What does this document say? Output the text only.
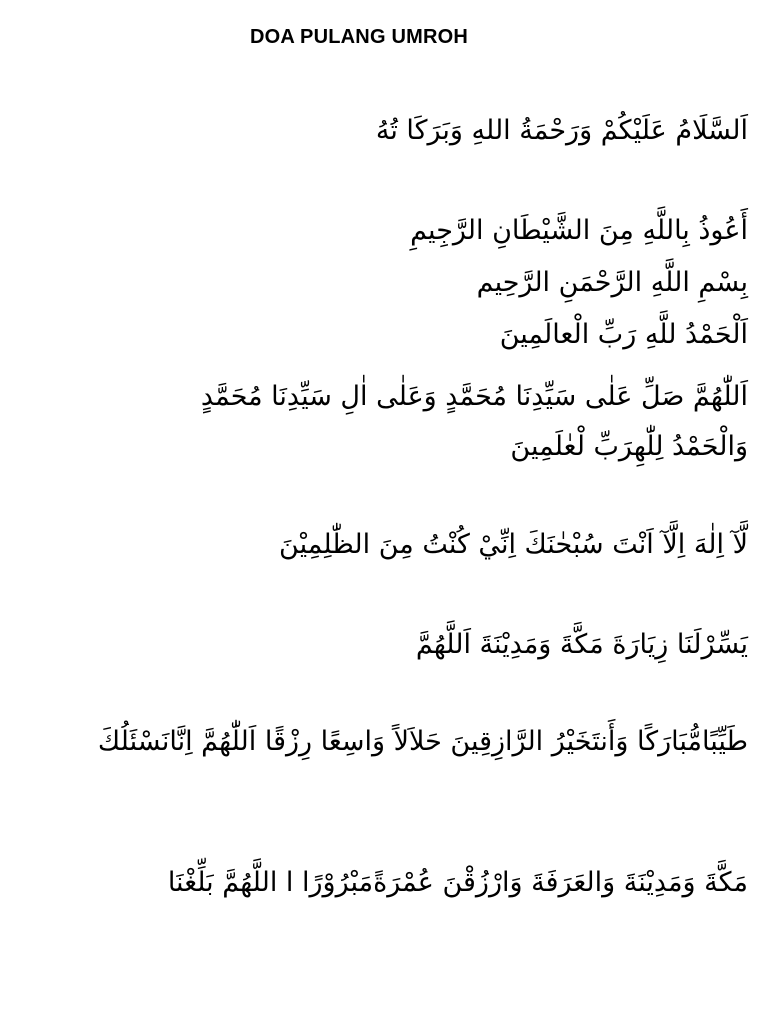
DOA PULANG UMROH
اَلسَّلَامُ عَلَيْكُمْ وَرَحْمَةُ اللهِ وَبَرَكَا تُهُ
أَعُوذُ بِاللَّهِ مِنَ الشَّيْطَانِ الرَّجِيمِ
بِسْمِ اللَّهِ الرَّحْمَنِ الرَّحِيم
اَلْحَمْدُ للَّهِ رَبِّ الْعالَمِينَ
اَللّٰهُمَّ صَلِّ عَلٰى سَيِّدِنَا مُحَمَّدٍ وَعَلٰى اٰلِ سَيِّدِنَا مُحَمَّدٍ
وَالْحَمْدُ لِلّٰهِرَبِّ لْعٰلَمِينَ
لَّآ اِلٰهَ اِلَّآ اَنْتَ سُبْحٰنَكَ اِنِّيْ كُنْتُ مِنَ الظّٰلِمِيْنَ
يَسِّرْلَنَا زِيَارَةَ مَكَّةَ وَمَدِيْنَةَ اَللَّهُمَّ
طَيِّبًامُّبَارَكًا وَأَنتَخَيْرُ الرَّازِقِينَ حَلاَلاً وَاسِعًا رِزْقًا اَللّٰهُمَّ اِنَّانَسْئَلُكَ
مَكَّةَ وَمَدِيْنَةَ وَالعَرَفَةَ وَارْزُقْنَ عُمْرَةًمَبْرُوْرًا ا اللَّهُمَّ بَلِّغْنَا
